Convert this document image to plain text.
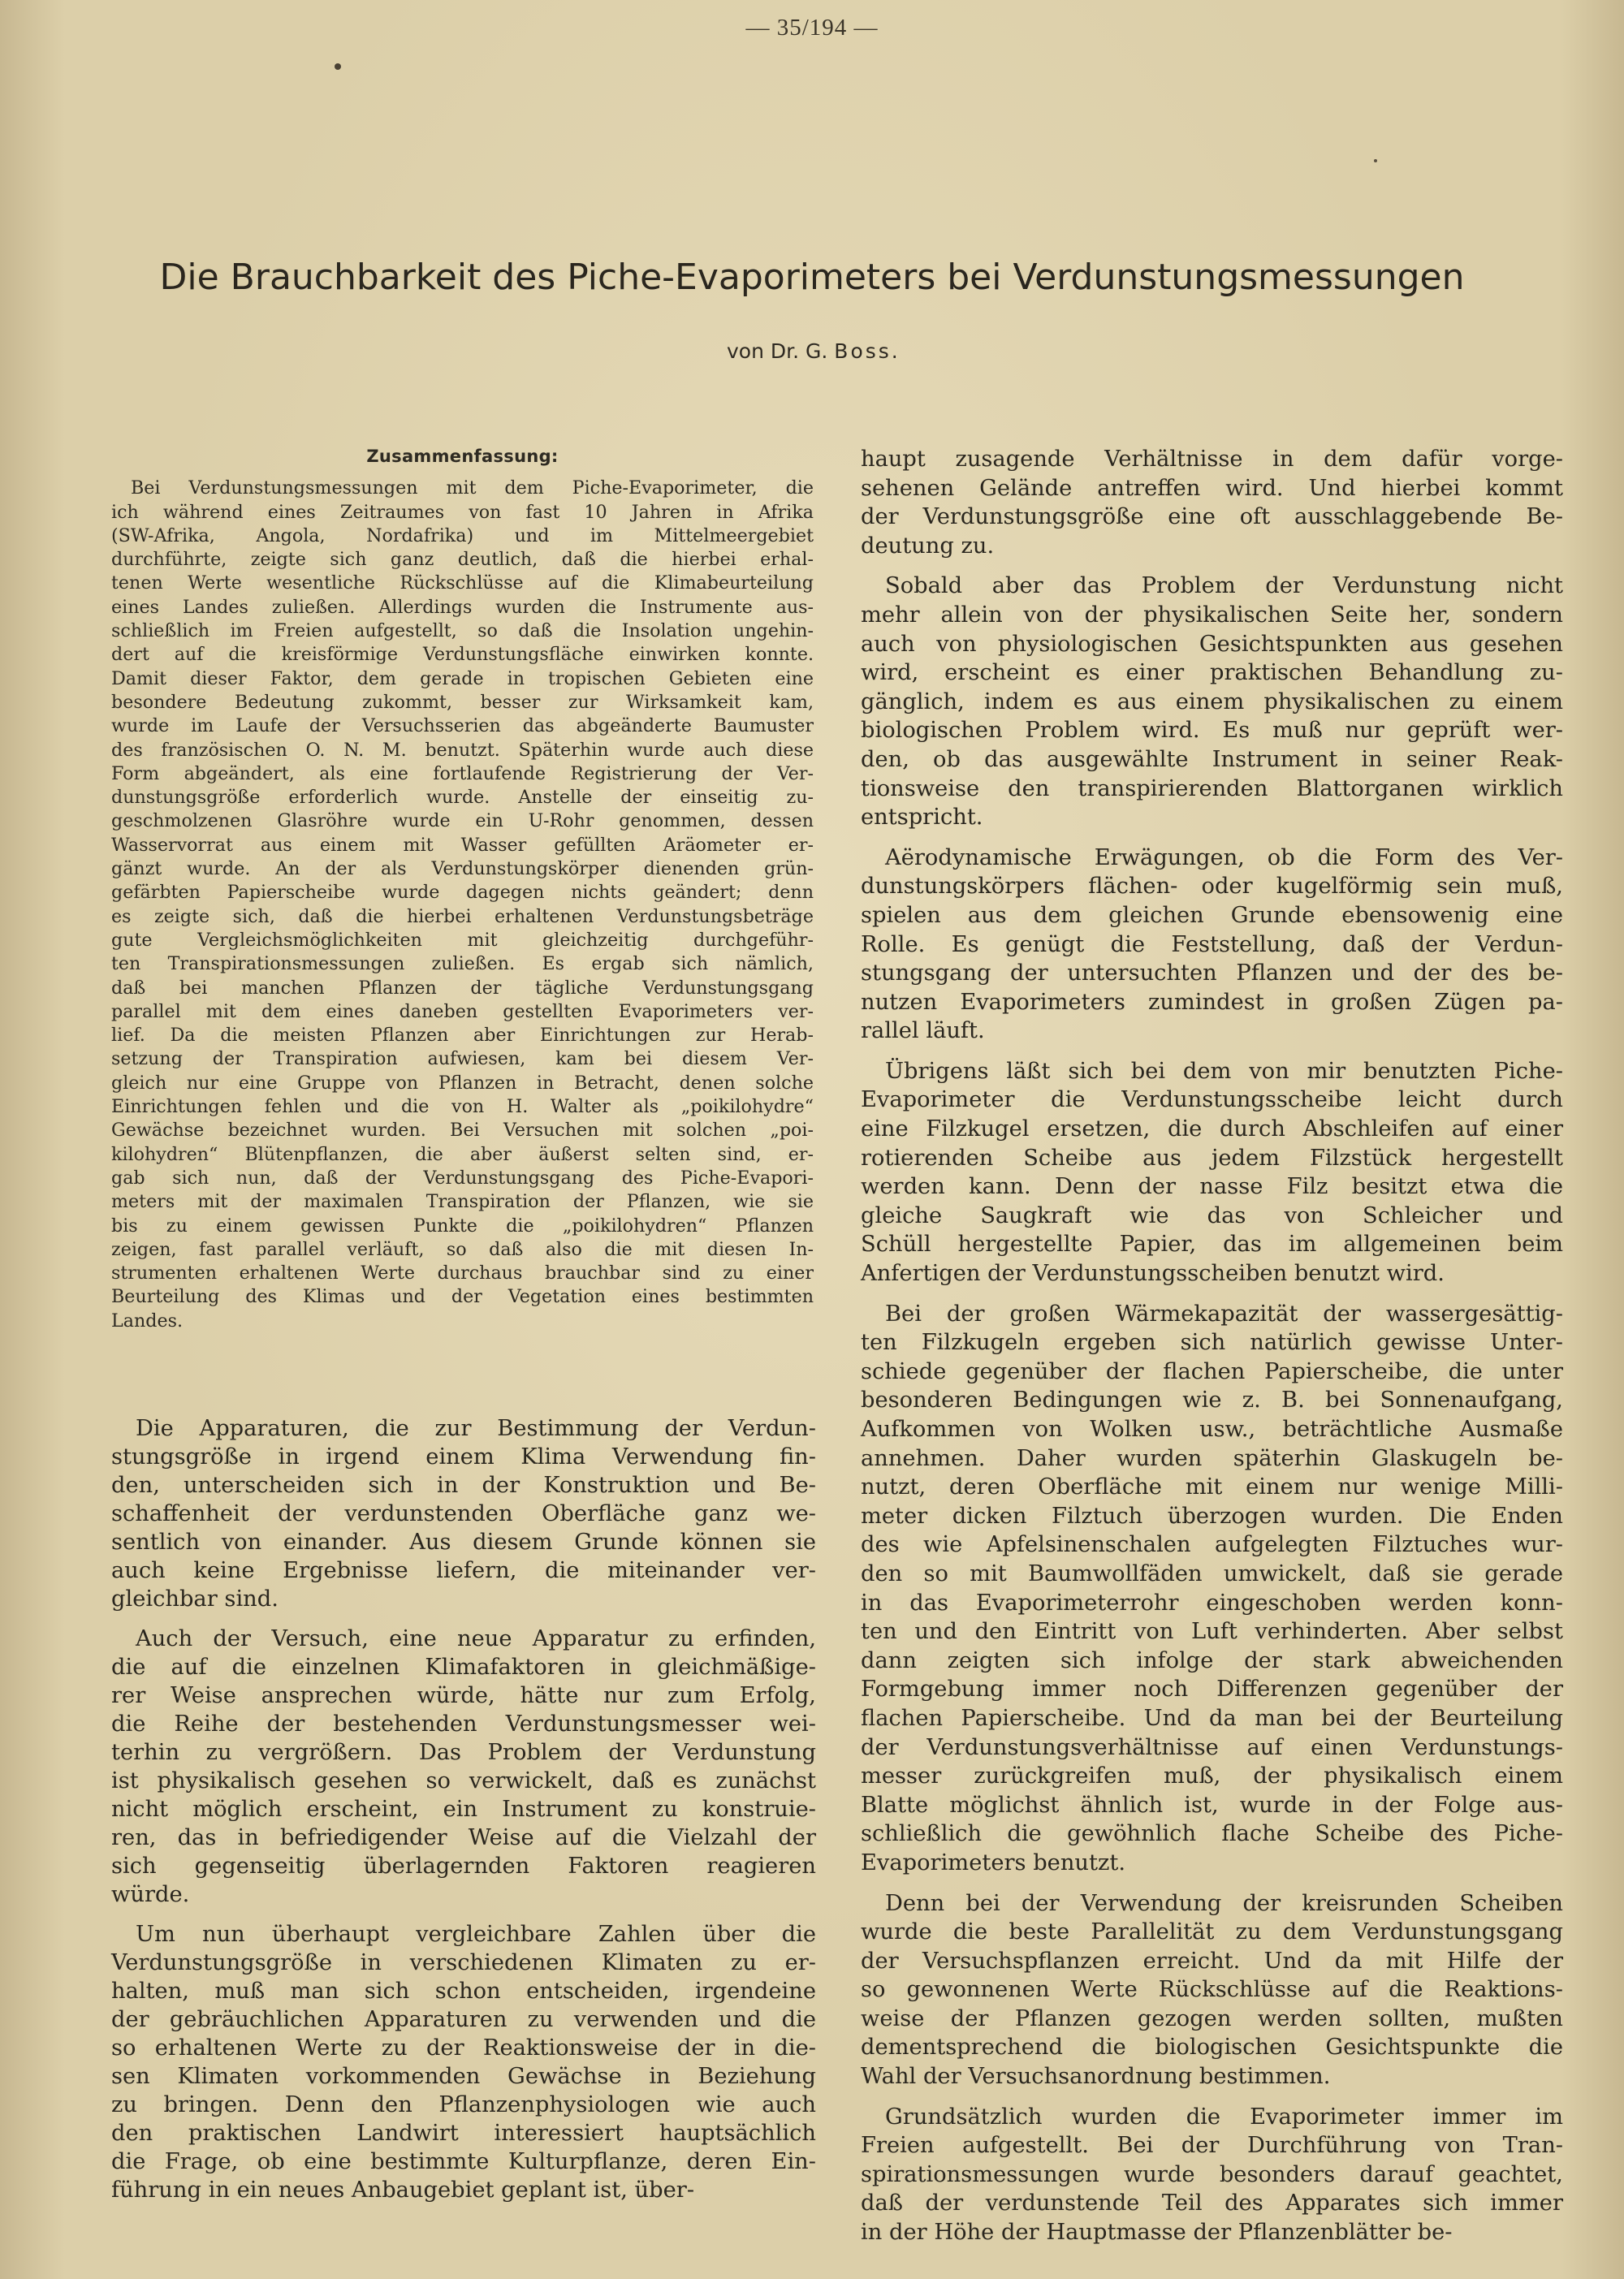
— 35/194 —
Die Brauchbarkeit des Piche-Evaporimeters bei Verdunstungsmessungen
von Dr. G. Boss.
Zusammenfassung:

Bei Verdunstungsmessungen mit dem Piche-Evaporimeter, die
ich während eines Zeitraumes von fast 10 Jahren in Afrika
(SW-Afrika, Angola, Nordafrika) und im Mittelmeergebiet
durchführte, zeigte sich ganz deutlich, daß die hierbei erhal-
tenen Werte wesentliche Rückschlüsse auf die Klimabeurteilung
eines Landes zuließen. Allerdings wurden die Instrumente aus-
schließlich im Freien aufgestellt, so daß die Insolation ungehin-
dert auf die kreisförmige Verdunstungsfläche einwirken konnte.
Damit dieser Faktor, dem gerade in tropischen Gebieten eine
besondere Bedeutung zukommt, besser zur Wirksamkeit kam,
wurde im Laufe der Versuchsserien das abgeänderte Baumuster
des französischen O. N. M. benutzt. Späterhin wurde auch diese
Form abgeändert, als eine fortlaufende Registrierung der Ver-
dunstungsgröße erforderlich wurde. Anstelle der einseitig zu-
geschmolzenen Glasröhre wurde ein U-Rohr genommen, dessen
Wasservorrat aus einem mit Wasser gefüllten Aräometer er-
gänzt wurde. An der als Verdunstungskörper dienenden grün-
gefärbten Papierscheibe wurde dagegen nichts geändert; denn
es zeigte sich, daß die hierbei erhaltenen Verdunstungsbeträge
gute Vergleichsmöglichkeiten mit gleichzeitig durchgeführ-
ten Transpirationsmessungen zuließen. Es ergab sich nämlich,
daß bei manchen Pflanzen der tägliche Verdunstungsgang
parallel mit dem eines daneben gestellten Evaporimeters ver-
lief. Da die meisten Pflanzen aber Einrichtungen zur Herab-
setzung der Transpiration aufwiesen, kam bei diesem Ver-
gleich nur eine Gruppe von Pflanzen in Betracht, denen solche
Einrichtungen fehlen und die von H. Walter als „poikilohydre“
Gewächse bezeichnet wurden. Bei Versuchen mit solchen „poi-
kilohydren“ Blütenpflanzen, die aber äußerst selten sind, er-
gab sich nun, daß der Verdunstungsgang des Piche-Evapori-
meters mit der maximalen Transpiration der Pflanzen, wie sie
bis zu einem gewissen Punkte die „poikilohydren“ Pflanzen
zeigen, fast parallel verläuft, so daß also die mit diesen In-
strumenten erhaltenen Werte durchaus brauchbar sind zu einer
Beurteilung des Klimas und der Vegetation eines bestimmten
Landes.

Die Apparaturen, die zur Bestimmung der Verdun-
stungsgröße in irgend einem Klima Verwendung fin-
den, unterscheiden sich in der Konstruktion und Be-
schaffenheit der verdunstenden Oberfläche ganz we-
sentlich von einander. Aus diesem Grunde können sie
auch keine Ergebnisse liefern, die miteinander ver-
gleichbar sind.

Auch der Versuch, eine neue Apparatur zu erfinden,
die auf die einzelnen Klimafaktoren in gleichmäßige-
rer Weise ansprechen würde, hätte nur zum Erfolg,
die Reihe der bestehenden Verdunstungsmesser wei-
terhin zu vergrößern. Das Problem der Verdunstung
ist physikalisch gesehen so verwickelt, daß es zunächst
nicht möglich erscheint, ein Instrument zu konstruie-
ren, das in befriedigender Weise auf die Vielzahl der
sich gegenseitig überlagernden Faktoren reagieren
würde.

Um nun überhaupt vergleichbare Zahlen über die
Verdunstungsgröße in verschiedenen Klimaten zu er-
halten, muß man sich schon entscheiden, irgendeine
der gebräuchlichen Apparaturen zu verwenden und die
so erhaltenen Werte zu der Reaktionsweise der in die-
sen Klimaten vorkommenden Gewächse in Beziehung
zu bringen. Denn den Pflanzenphysiologen wie auch
den praktischen Landwirt interessiert hauptsächlich
die Frage, ob eine bestimmte Kulturpflanze, deren Ein-
führung in ein neues Anbaugebiet geplant ist, über-

haupt zusagende Verhältnisse in dem dafür vorge-
sehenen Gelände antreffen wird. Und hierbei kommt
der Verdunstungsgröße eine oft ausschlaggebende Be-
deutung zu.

Sobald aber das Problem der Verdunstung nicht
mehr allein von der physikalischen Seite her, sondern
auch von physiologischen Gesichtspunkten aus gesehen
wird, erscheint es einer praktischen Behandlung zu-
gänglich, indem es aus einem physikalischen zu einem
biologischen Problem wird. Es muß nur geprüft wer-
den, ob das ausgewählte Instrument in seiner Reak-
tionsweise den transpirierenden Blattorganen wirklich
entspricht.

Aërodynamische Erwägungen, ob die Form des Ver-
dunstungskörpers flächen- oder kugelförmig sein muß,
spielen aus dem gleichen Grunde ebensowenig eine
Rolle. Es genügt die Feststellung, daß der Verdun-
stungsgang der untersuchten Pflanzen und der des be-
nutzen Evaporimeters zumindest in großen Zügen pa-
rallel läuft.

Übrigens läßt sich bei dem von mir benutzten Piche-
Evaporimeter die Verdunstungsscheibe leicht durch
eine Filzkugel ersetzen, die durch Abschleifen auf einer
rotierenden Scheibe aus jedem Filzstück hergestellt
werden kann. Denn der nasse Filz besitzt etwa die
gleiche Saugkraft wie das von Schleicher und
Schüll hergestellte Papier, das im allgemeinen beim
Anfertigen der Verdunstungsscheiben benutzt wird.

Bei der großen Wärmekapazität der wassergesättig-
ten Filzkugeln ergeben sich natürlich gewisse Unter-
schiede gegenüber der flachen Papierscheibe, die unter
besonderen Bedingungen wie z. B. bei Sonnenaufgang,
Aufkommen von Wolken usw., beträchtliche Ausmaße
annehmen. Daher wurden späterhin Glaskugeln be-
nutzt, deren Oberfläche mit einem nur wenige Milli-
meter dicken Filztuch überzogen wurden. Die Enden
des wie Apfelsinenschalen aufgelegten Filztuches wur-
den so mit Baumwollfäden umwickelt, daß sie gerade
in das Evaporimeterrohr eingeschoben werden konn-
ten und den Eintritt von Luft verhinderten. Aber selbst
dann zeigten sich infolge der stark abweichenden
Formgebung immer noch Differenzen gegenüber der
flachen Papierscheibe. Und da man bei der Beurteilung
der Verdunstungsverhältnisse auf einen Verdunstungs-
messer zurückgreifen muß, der physikalisch einem
Blatte möglichst ähnlich ist, wurde in der Folge aus-
schließlich die gewöhnlich flache Scheibe des Piche-
Evaporimeters benutzt.

Denn bei der Verwendung der kreisrunden Scheiben
wurde die beste Parallelität zu dem Verdunstungsgang
der Versuchspflanzen erreicht. Und da mit Hilfe der
so gewonnenen Werte Rückschlüsse auf die Reaktions-
weise der Pflanzen gezogen werden sollten, mußten
dementsprechend die biologischen Gesichtspunkte die
Wahl der Versuchsanordnung bestimmen.

Grundsätzlich wurden die Evaporimeter immer im
Freien aufgestellt. Bei der Durchführung von Tran-
spirationsmessungen wurde besonders darauf geachtet,
daß der verdunstende Teil des Apparates sich immer
in der Höhe der Hauptmasse der Pflanzenblätter be-
